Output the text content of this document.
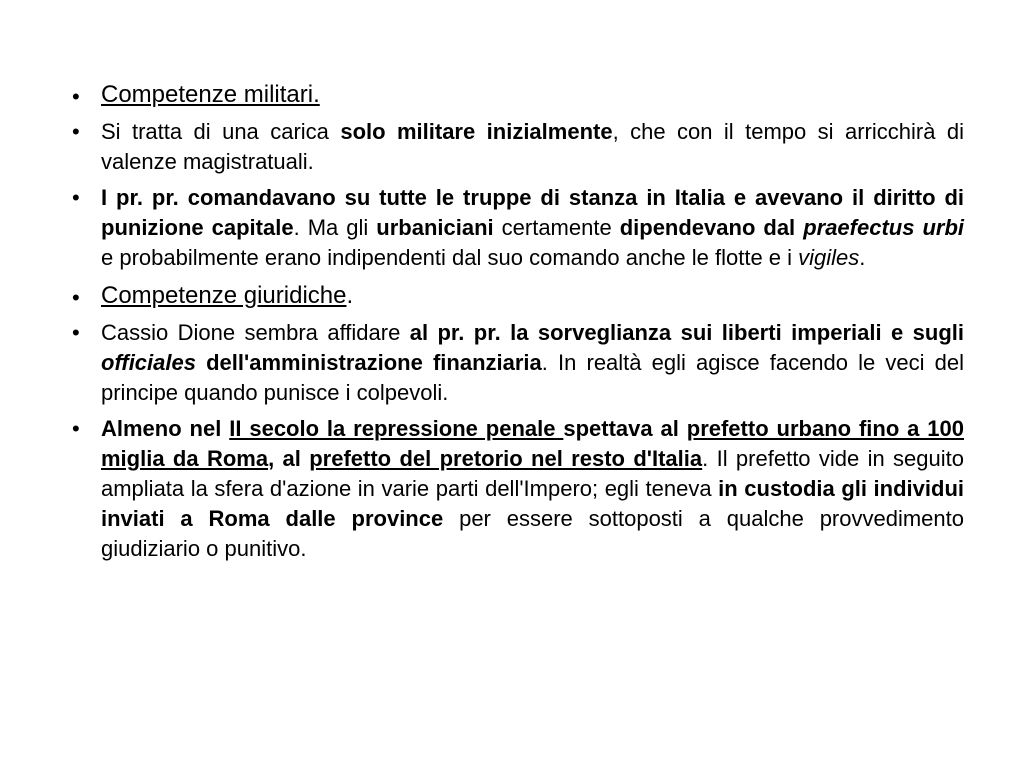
• Competenze militari.
• Si tratta di una carica solo militare inizialmente, che con il tempo si arricchirà di valenze magistratuali.
• I pr. pr. comandavano su tutte le truppe di stanza in Italia e avevano il diritto di punizione capitale. Ma gli urbaniciani certamente dipendevano dal praefectus urbi e probabilmente erano indipendenti dal suo comando anche le flotte e i vigiles.
• Competenze giuridiche.
• Cassio Dione sembra affidare al pr. pr. la sorveglianza sui liberti imperiali e sugli officiales dell'amministrazione finanziaria. In realtà egli agisce facendo le veci del principe quando punisce i colpevoli.
• Almeno nel II secolo la repressione penale spettava al prefetto urbano fino a 100 miglia da Roma, al prefetto del pretorio nel resto d'Italia. Il prefetto vide in seguito ampliata la sfera d'azione in varie parti dell'Impero; egli teneva in custodia gli individui inviati a Roma dalle province per essere sottoposti a qualche provvedimento giudiziario o punitivo.
